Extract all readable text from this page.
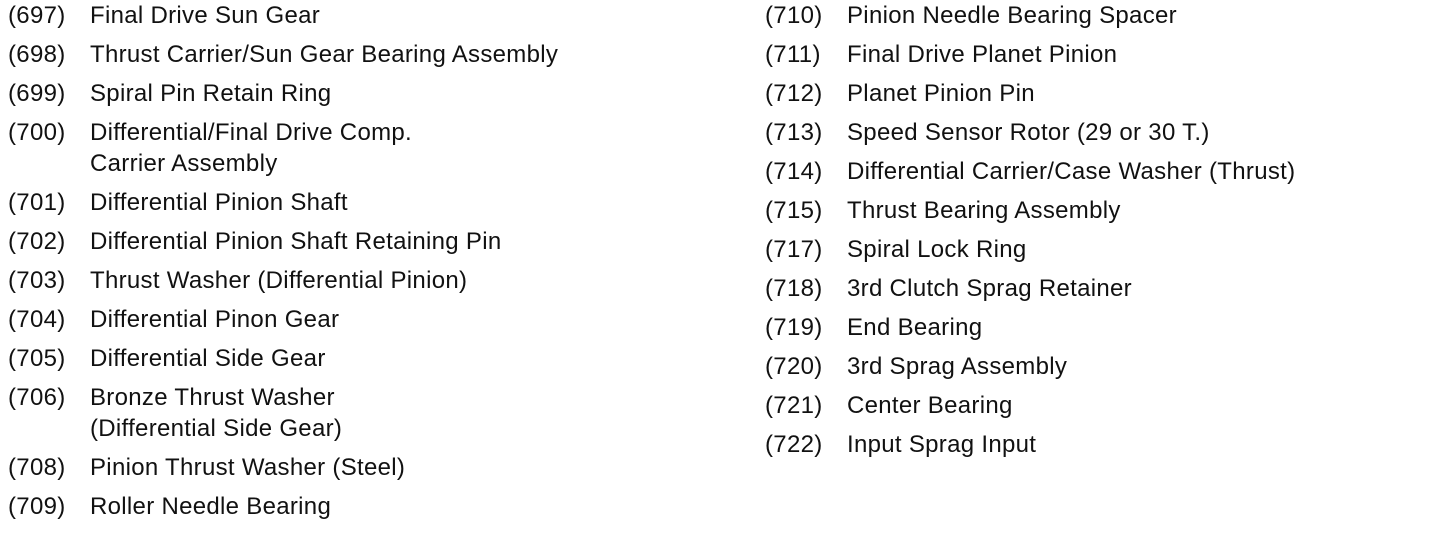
(697)	Final Drive Sun Gear
(698)	Thrust Carrier/Sun Gear Bearing Assembly
(699)	Spiral Pin Retain Ring
(700)	Differential/Final Drive Comp.
Carrier Assembly
(701)	Differential Pinion Shaft
(702)	Differential Pinion Shaft Retaining Pin
(703)	Thrust Washer (Differential Pinion)
(704)	Differential Pinon Gear
(705)	Differential Side Gear
(706)	Bronze Thrust Washer
(Differential Side Gear)
(708)	Pinion Thrust Washer (Steel)
(709)	Roller Needle Bearing
(710)	Pinion Needle Bearing Spacer
(711)	Final Drive Planet Pinion
(712)	Planet Pinion Pin
(713)	Speed Sensor Rotor (29 or 30 T.)
(714)	Differential Carrier/Case Washer (Thrust)
(715)	Thrust Bearing Assembly
(717)	Spiral Lock Ring
(718)	3rd Clutch Sprag Retainer
(719)	End Bearing
(720)	3rd Sprag Assembly
(721)	Center Bearing
(722)	Input Sprag Input
